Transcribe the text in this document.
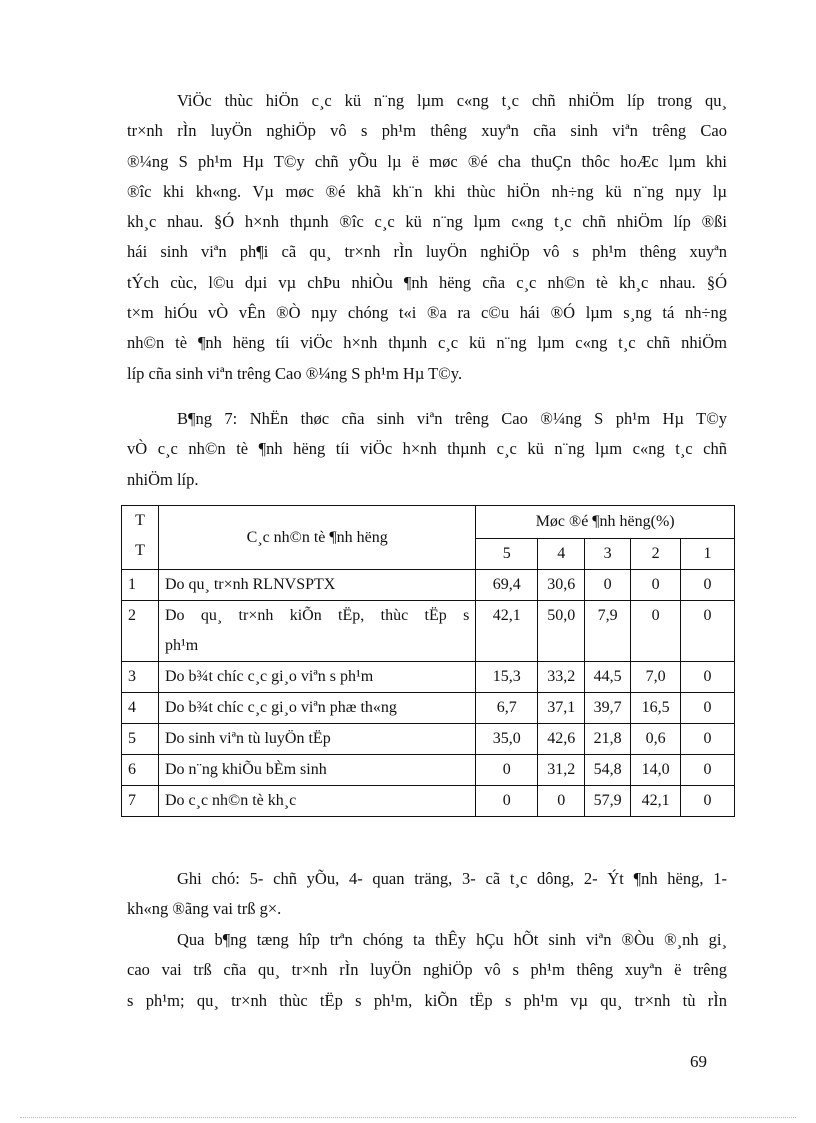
ViÖc thùc hiÖn c¸c kü n¨ng lµm c«ng t¸c chñ nhiÖm líp trong qu¸
tr×nh rÌn luyÖn nghiÖp vô s ph¹m thêng xuyªn cña sinh viªn trêng Cao
®¼ng S ph¹m Hµ T©y chñ yÕu lµ ë møc ®é cha thuÇn thôc hoÆc lµm khi
®îc khi kh«ng. Vµ møc ®é khã kh¨n khi thùc hiÖn nh÷ng kü n¨ng nµy lµ
kh¸c nhau. §Ó h×nh thµnh ®îc c¸c kü n¨ng lµm c«ng t¸c chñ nhiÖm líp ®ßi
hái sinh viªn ph¶i cã qu¸ tr×nh rÌn luyÖn nghiÖp vô s ph¹m thêng xuyªn
tÝch cùc, l©u dµi vµ chÞu nhiÒu ¶nh hëng cña c¸c nh©n tè kh¸c nhau. §Ó
t×m hiÓu vÒ vÊn ®Ò nµy chóng t«i ®a ra c©u hái ®Ó lµm s¸ng tá nh÷ng
nh©n tè ¶nh hëng tíi viÖc h×nh thµnh c¸c kü n¨ng lµm c«ng t¸c chñ nhiÖm
líp cña sinh viªn trêng Cao ®¼ng S ph¹m Hµ T©y.
B¶ng 7: NhËn thøc cña sinh viªn trêng Cao ®¼ng S ph¹m Hµ T©y
vÒ c¸c nh©n tè ¶nh hëng tíi viÖc h×nh thµnh c¸c kü n¨ng lµm c«ng t¸c chñ
nhiÖm líp.
T
T	C¸c nh©n tè ¶nh hëng	Møc ®é ¶nh hëng(%)				
		5	4	3	2	1
1	Do qu¸ tr×nh RLNVSPTX	69,4	30,6	0	0	0
2	Do qu¸ tr×nh kiÕn tËp, thùc tËp s
ph¹m	42,1	50,0	7,9	0	0
3	Do b¾t chíc c¸c gi¸o viªn s ph¹m	15,3	33,2	44,5	7,0	0
4	Do b¾t chíc c¸c gi¸o viªn phæ th«ng	6,7	37,1	39,7	16,5	0
5	Do sinh viªn tù luyÖn tËp	35,0	42,6	21,8	0,6	0
6	Do n¨ng khiÕu bÈm sinh	0	31,2	54,8	14,0	0
7	Do c¸c nh©n tè kh¸c	0	0	57,9	42,1	0
Ghi chó: 5- chñ yÕu, 4- quan träng, 3- cã t¸c dông, 2- Ýt ¶nh hëng, 1-
kh«ng ®ãng vai trß g×.
Qua b¶ng tæng hîp trªn chóng ta thÊy hÇu hÕt sinh viªn ®Òu ®¸nh gi¸
cao vai trß cña qu¸ tr×nh rÌn luyÖn nghiÖp vô s ph¹m thêng xuyªn ë trêng
s ph¹m; qu¸ tr×nh thùc tËp s ph¹m, kiÕn tËp s ph¹m vµ qu¸ tr×nh tù rÌn
69
